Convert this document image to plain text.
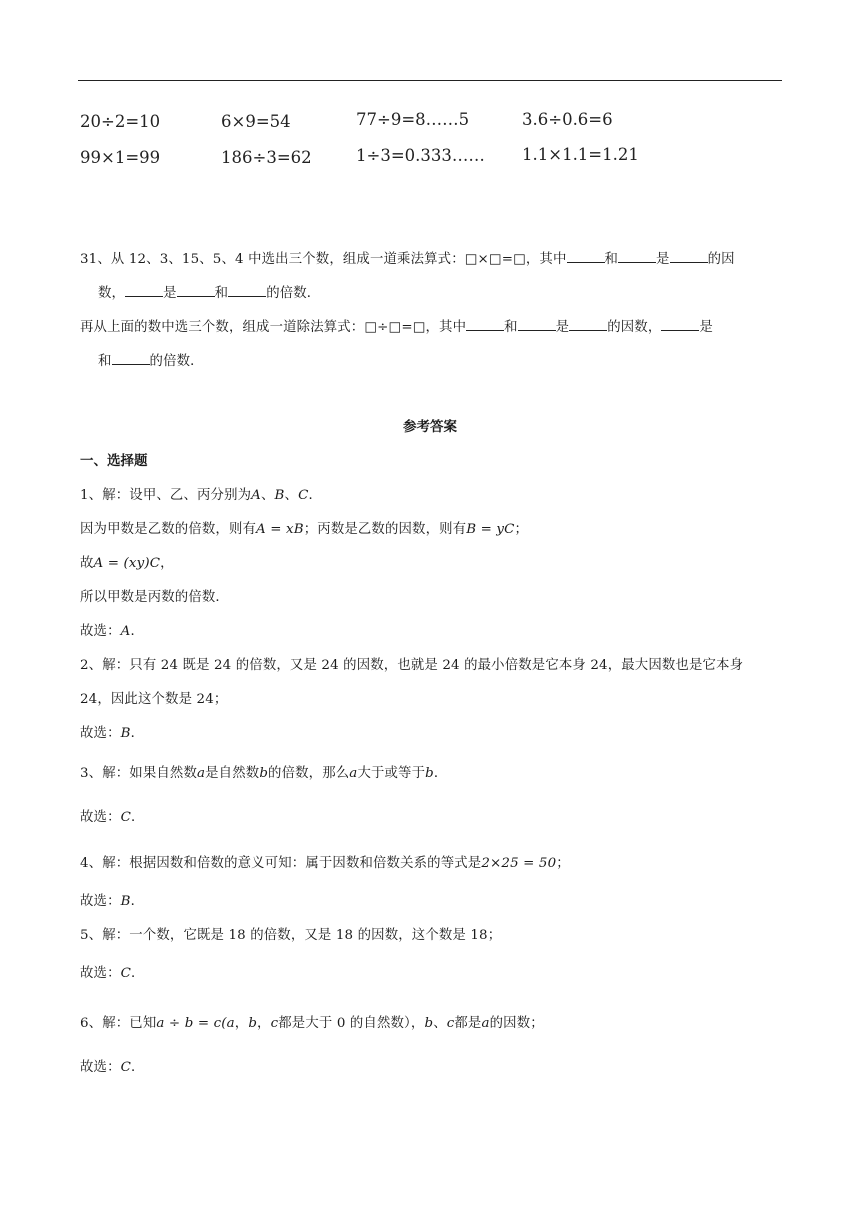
20÷2=10	6×9=54	77÷9=8……5	3.6÷0.6=6
99×1=99	186÷3=62	1÷3=0.333…… 1.1×1.1=1.21
31、从 12、3、15、5、4 中选出三个数，组成一道乘法算式：□×□=□，其中	和	是	的因
数，	是	和	的倍数．
再从上面的数中选三个数，组成一道除法算式：□÷□=□，其中	和	是	的因数，	是
和	的倍数．
参考答案
一、选择题
1、解：设甲、乙、丙分别为A、B、C．
因为甲数是乙数的倍数，则有A = xB；丙数是乙数的因数，则有B = yC；
故A = (xy)C，
所以甲数是丙数的倍数．
故选：A．
2、解：只有 24 既是 24 的倍数，又是 24 的因数，也就是 24 的最小倍数是它本身 24，最大因数也是它本身
24，因此这个数是 24；
故选：B．
3、解：如果自然数a是自然数b的倍数，那么a大于或等于b．
故选：C．
4、解：根据因数和倍数的意义可知：属于因数和倍数关系的等式是2×25 = 50；
故选：B．
5、解：一个数，它既是 18 的倍数，又是 18 的因数，这个数是 18；
故选：C．
6、解：已知a ÷ b = c(a，b，c都是大于 0 的自然数），b、c都是a的因数；
故选：C．
